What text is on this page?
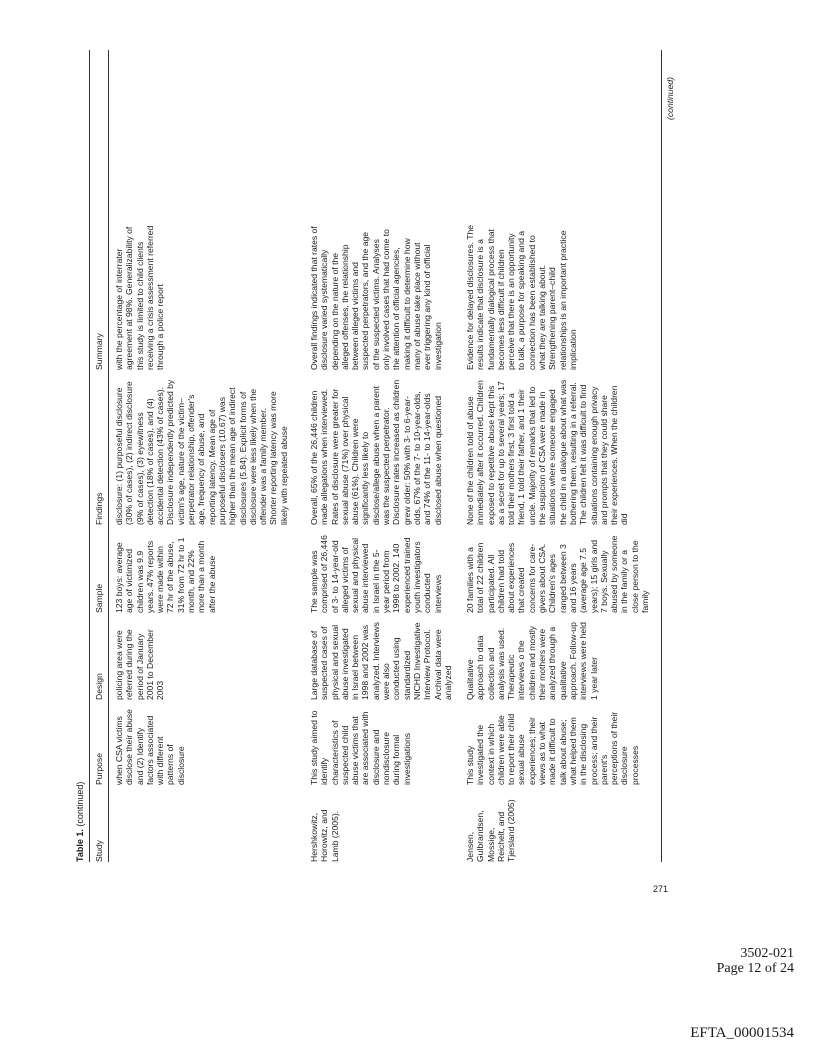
Table 1. (continued)
Study
Purpose
Design
Sample
Findings
Summary
when CSA victims disclose their abuse and (2) Identify factors associated with different patterns of disclosure
policing area were referred during the period of January 2001 to December 2003
123 boys: average age of victimized children was 9.9 years. 47% reports were made within 72 hr of the abuse, 31% from 72 hr to 1 month, and 22% more than a month after the abuse
disclosure: (1) purposeful disclosure (30% of cases), (2) indirect disclosure (9% of cases), (3) eyewitness detection (18% of cases), and (4) accidental detection (43% of cases). Disclosure independently predicted by victim's age, nature of the victim–perpetrator relationship, offender's age, frequency of abuse, and reporting latency. Mean age of purposeful disclosers (10.67) was higher than the mean age of indirect disclosures (5.84). Explicit forms of disclosure were less likely when the offender was a family member. Shorter reporting latency was more likely with repeated abuse
with the percentage of interrater agreement at 98%. Generalizability of this study is limited to child clients receiving a crisis assessment referred through a police report
Hershkowitz, Horowitz, and Lamb (2005).
This study aimed to identify characteristics of suspected child abuse victims that are associated with disclosure and nondisclosure during formal investigations
Large database of suspected cases of physical and sexual abuse investigated in Israel between 1998 and 2002 was analyzed. Interviews were also conducted using standardized NICHD Investigative Interview Protocol. Archival data were analyzed
The sample was comprised of 26,446 of 3- to 14-year-old alleged victims of sexual and physical abuse interviewed in Israel in the 5-year period from 1998 to 2002. 140 experienced trained youth investigators conducted interviews
Overall, 65% of the 26,446 children made allegations when interviewed. Rates of disclosure were greater for sexual abuse (71%) over physical abuse (61%). Children were significantly less likely to disclose/allege abuse when a parent was the suspected perpetrator. Disclosure rates increased as children grew older: 50% with 3- to 6-year-olds, 67% of the 7- to 10-year-olds, and 74% of the 11- to 14-year-olds disclosed abuse when questioned
Overall findings indicated that rates of disclosure varied systematically depending on the nature of the alleged offenses, the relationship between alleged victims and suspected perpetrators, and the age of the suspected victims. Analyses only involved cases that had come to the attention of official agencies, making it difficult to determine how many of abuse take place without ever triggering any kind of official investigation
Jensen, Gulbrandsen, Mossige, Reichelt, and Tjersland (2005)
This study investigated the context in which children were able to report their child sexual abuse experiences; their views as to what made it difficult to talk about abuse; what helped them in the disclosing process; and their parent's perceptions of their disclosure processes
Qualitative approach to data collection and analysis was used. Therapeutic interviews o the children and mostly their mothers were analyzed through a qualitative approach. Follow-up interviews were held 1 year later
20 families with a total of 22 children participated. All children had told about experiences that created concerns for care-givers about CSA. Children's ages ranged between 3 and 16 years (average age 7.5 years); 15 girls and 7 boys. Sexually abused by someone in the family or a close person to the family
None of the children told of abuse immediately after it occurred. Children exposed to repetitive abuse kept this as a secret for up to several years; 17 told their mothers first, 3 first told a friend, 1 told their father, and 1 their uncle. Majority of remarks that led to the suspicion of CSA were made in situations where someone engaged the child in a dialogue about what was bothering them, resulting in a referral. The children felt it was difficult to find situations containing enough privacy and prompts that they could share their experiences. When the children did
Evidence for delayed disclosures. The results indicate that disclosure is a fundamentally dialogical process that becomes less difficult if children perceive that there is an opportunity to talk, a purpose for speaking and a connection has been established to what they are talking about. Strengthening parent–child relationships is an important practice implication
(continued)
271
3502-021
Page 12 of 24
EFTA_00001534
